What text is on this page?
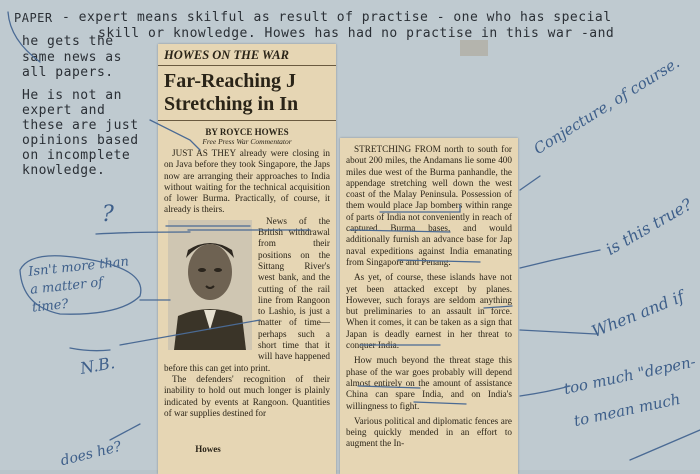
PAPER - expert means skilful as result of practise - one who has special
skill or knowledge. Howes has had no practise in this war -and
he gets the
same news as
all papers.
He is not an
expert and
these are just
opinions based
on incomplete
knowledge.
HOWES ON THE WAR
Far-Reaching J
Stretching in In
BY ROYCE HOWES
Free Press War Commentator

JUST AS THEY already were closing in on Java before they took Singapore, the Japs now are arranging their approaches to India without waiting for the technical acquisition of lower Burma. Practically, of course, it already is theirs.

News of the British withdrawal from their positions on the Sittang River's west bank, and the cutting of the rail line from Rangoon to Lashio, is just a matter of time—perhaps such a short time that it will have happened before this can get into print.

The defenders' recognition of their inability to hold out much longer is plainly indicated by events at Rangoon. Quantities of war supplies destined for

Howes

STRETCHING FROM north to south for about 200 miles, the Andamans lie some 400 miles due west of the Burma panhandle, the appendage stretching well down the west coast of the Malay Peninsula. Possession of them would place Jap bombers within range of parts of India not conveniently in reach of captured Burma bases, and would additionally furnish an advance base for Jap naval expeditions against India emanating from Singapore and Penang.

As yet, of course, these islands have not yet been attacked except by planes. However, such forays are seldom anything but preliminaries to an assault in force. When it comes, it can be taken as a sign that Japan is deadly earnest in her threat to conquer India.

How much beyond the threat stage this phase of the war goes probably will depend almost entirely on the amount of assistance China can spare India, and on India's willingness to fight.

Various political and diplomatic fences are being quickly mended in an effort to augment the In-

?
Isn't more than a matter of time?
N.B.
Conjecture, of course.
is this true?
When and if
too much "depen-
to mean much
does he?
